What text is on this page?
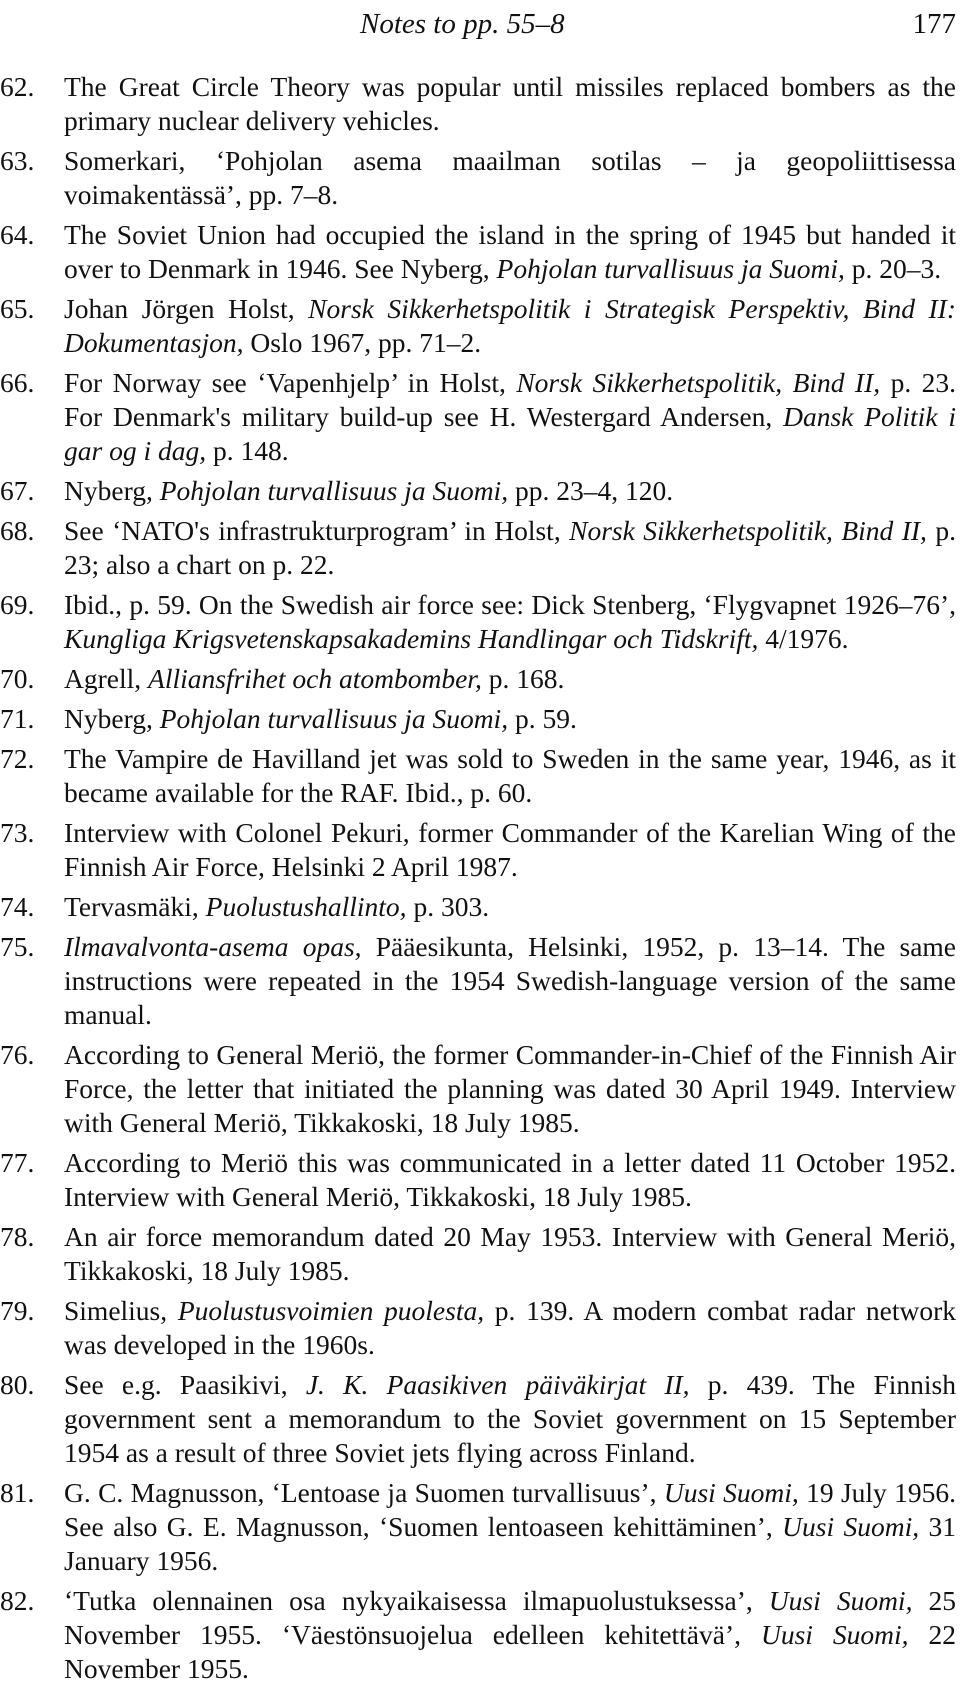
Notes to pp. 55–8	177

62. The Great Circle Theory was popular until missiles replaced bombers as the primary nuclear delivery vehicles.

63. Somerkari, ‘Pohjolan asema maailman sotilas – ja geopoliittisessa voimakentässä’, pp. 7–8.

64. The Soviet Union had occupied the island in the spring of 1945 but handed it over to Denmark in 1946. See Nyberg, Pohjolan turvallisuus ja Suomi, p. 20–3.

65. Johan Jörgen Holst, Norsk Sikkerhetspolitik i Strategisk Perspektiv, Bind II: Dokumentasjon, Oslo 1967, pp. 71–2.

66. For Norway see ‘Vapenhjelp’ in Holst, Norsk Sikkerhetspolitik, Bind II, p. 23. For Denmark's military build-up see H. Westergard Andersen, Dansk Politik i gar og i dag, p. 148.

67. Nyberg, Pohjolan turvallisuus ja Suomi, pp. 23–4, 120.

68. See ‘NATO's infrastrukturprogram’ in Holst, Norsk Sikkerhetspolitik, Bind II, p. 23; also a chart on p. 22.

69. Ibid., p. 59. On the Swedish air force see: Dick Stenberg, ‘Flygvapnet 1926–76’, Kungliga Krigsvetenskapsakademins Handlingar och Tidskrift, 4/1976.

70. Agrell, Alliansfrihet och atombomber, p. 168.

71. Nyberg, Pohjolan turvallisuus ja Suomi, p. 59.

72. The Vampire de Havilland jet was sold to Sweden in the same year, 1946, as it became available for the RAF. Ibid., p. 60.

73. Interview with Colonel Pekuri, former Commander of the Karelian Wing of the Finnish Air Force, Helsinki 2 April 1987.

74. Tervasmäki, Puolustushallinto, p. 303.

75. Ilmavalvonta-asema opas, Pääesikunta, Helsinki, 1952, p. 13–14. The same instructions were repeated in the 1954 Swedish-language version of the same manual.

76. According to General Meriö, the former Commander-in-Chief of the Finnish Air Force, the letter that initiated the planning was dated 30 April 1949. Interview with General Meriö, Tikkakoski, 18 July 1985.

77. According to Meriö this was communicated in a letter dated 11 October 1952. Interview with General Meriö, Tikkakoski, 18 July 1985.

78. An air force memorandum dated 20 May 1953. Interview with General Meriö, Tikkakoski, 18 July 1985.

79. Simelius, Puolustusvoimien puolesta, p. 139. A modern combat radar network was developed in the 1960s.

80. See e.g. Paasikivi, J. K. Paasikiven päiväkirjat II, p. 439. The Finnish government sent a memorandum to the Soviet government on 15 September 1954 as a result of three Soviet jets flying across Finland.

81. G. C. Magnusson, ‘Lentoase ja Suomen turvallisuus’, Uusi Suomi, 19 July 1956. See also G. E. Magnusson, ‘Suomen lentoaseen kehittäminen’, Uusi Suomi, 31 January 1956.

82. ‘Tutka olennainen osa nykyaikaisessa ilmapuolustuksessa’, Uusi Suomi, 25 November 1955. ‘Väestönsuojelua edelleen kehitettävä’, Uusi Suomi, 22 November 1955.
